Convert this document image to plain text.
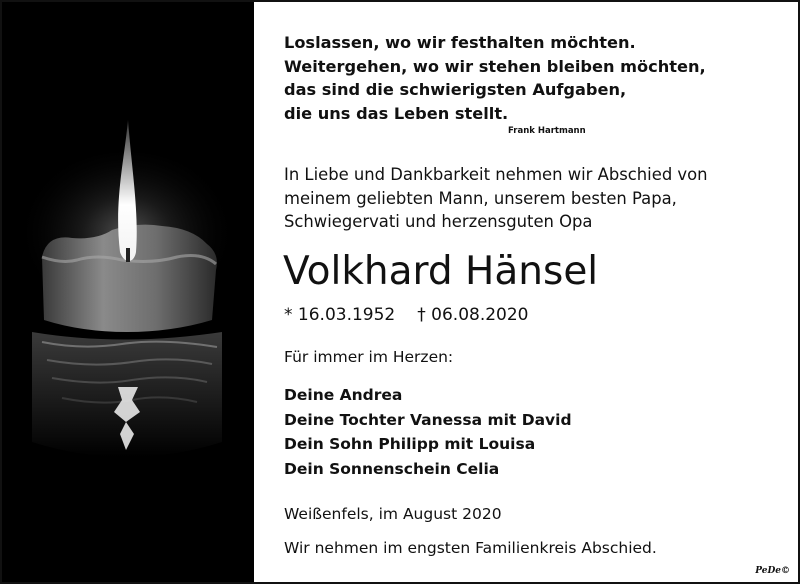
Loslassen, wo wir festhalten möchten.
Weitergehen, wo wir stehen bleiben möchten,
das sind die schwierigsten Aufgaben,
die uns das Leben stellt.
Frank Hartmann
In Liebe und Dankbarkeit nehmen wir Abschied von
meinem geliebten Mann, unserem besten Papa,
Schwiegervati und herzensguten Opa
Volkhard Hänsel
* 16.03.1952 † 06.08.2020
Für immer im Herzen:
Deine Andrea
Deine Tochter Vanessa mit David
Dein Sohn Philipp mit Louisa
Dein Sonnenschein Celia
Weißenfels, im August 2020
Wir nehmen im engsten Familienkreis Abschied.
PeDe©
